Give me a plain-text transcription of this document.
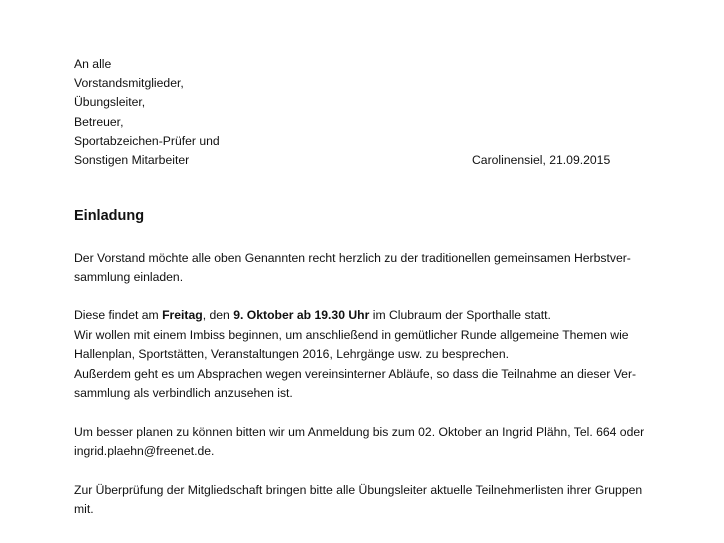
An alle
Vorstandsmitglieder,
Übungsleiter,
Betreuer,
Sportabzeichen-Prüfer und
Sonstigen Mitarbeiter	Carolinensiel, 21.09.2015
Einladung
Der Vorstand möchte alle oben Genannten recht herzlich zu der traditionellen gemeinsamen Herbstver-
sammlung einladen.
Diese findet am Freitag, den 9. Oktober ab 19.30 Uhr im Clubraum der Sporthalle statt.
Wir wollen mit einem Imbiss beginnen, um anschließend in gemütlicher Runde allgemeine Themen wie
Hallenplan, Sportstätten, Veranstaltungen 2016, Lehrgänge usw. zu besprechen.
Außerdem geht es um Absprachen wegen vereinsinterner Abläufe, so dass die Teilnahme an dieser Ver-
sammlung als verbindlich anzusehen ist.
Um besser planen zu können bitten wir um Anmeldung bis zum 02. Oktober an Ingrid Plähn, Tel. 664 oder
ingrid.plaehn@freenet.de.
Zur Überprüfung der Mitgliedschaft bringen bitte alle Übungsleiter aktuelle Teilnehmerlisten ihrer Gruppen
mit.
